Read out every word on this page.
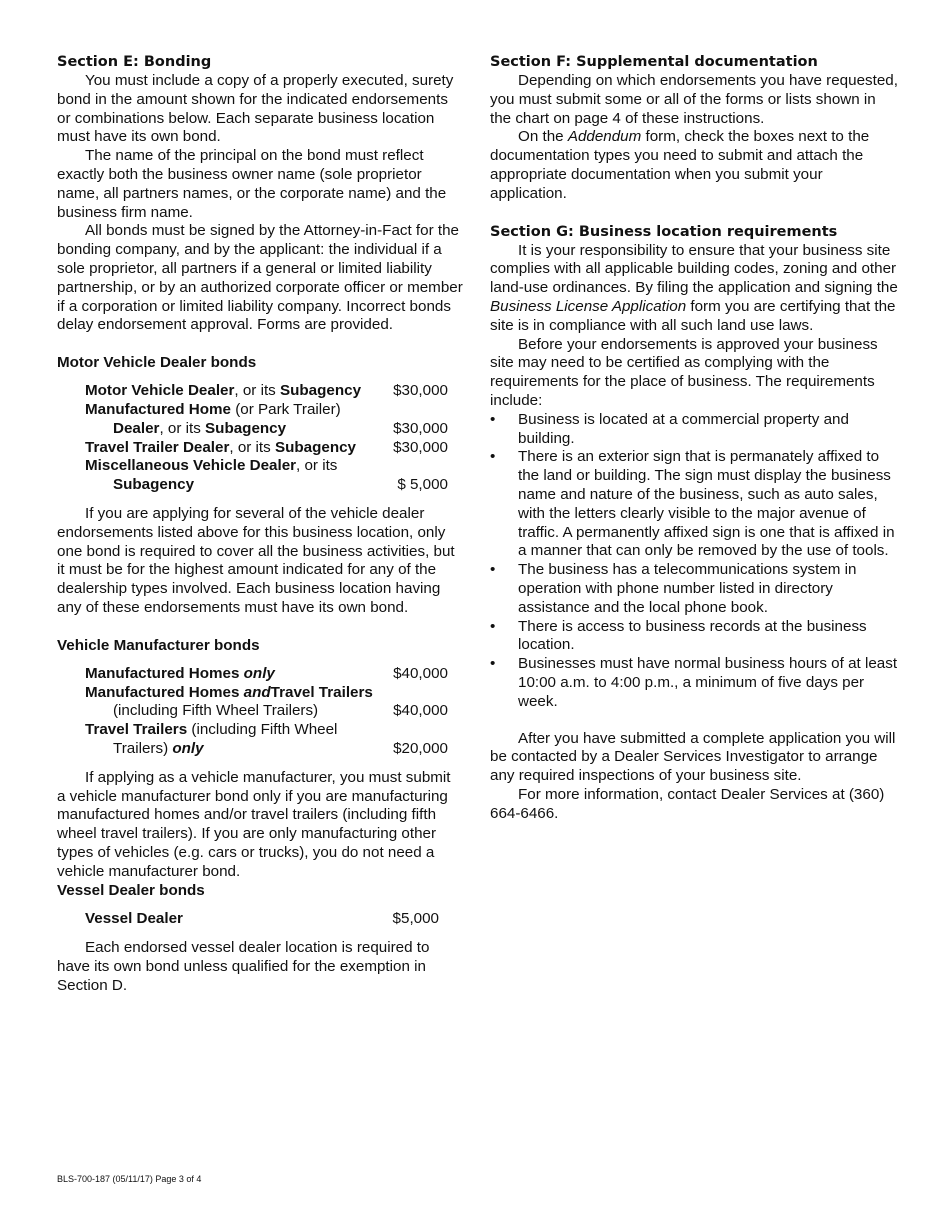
Section E: Bonding

You must include a copy of a properly executed, surety bond in the amount shown for the indicated endorsements or combinations below. Each separate business location must have its own bond.

The name of the principal on the bond must reflect exactly both the business owner name (sole proprietor name, all partners names, or the corporate name) and the business firm name.

All bonds must be signed by the Attorney-in-Fact for the bonding company, and by the applicant: the individual if a sole proprietor, all partners if a general or limited liability partnership, or by an authorized corporate officer or member if a corporation or limited liability company. Incorrect bonds delay endorsement approval. Forms are provided.

Motor Vehicle Dealer bonds
Motor Vehicle Dealer, or its Subagency	$30,000
Manufactured Home (or Park Trailer)	
Dealer, or its Subagency	$30,000
Travel Trailer Dealer, or its Subagency	$30,000
Miscellaneous Vehicle Dealer, or its	
Subagency	$ 5,000

If you are applying for several of the vehicle dealer endorsements listed above for this business location, only one bond is required to cover all the business activities, but it must be for the highest amount indicated for any of the dealership types involved. Each business location having any of these endorsements must have its own bond.

Vehicle Manufacturer bonds
Manufactured Homes only	$40,000
Manufactured Homes andTravel Trailers	
(including Fifth Wheel Trailers)	$40,000
Travel Trailers (including Fifth Wheel	
Trailers) only	$20,000

If applying as a vehicle manufacturer, you must submit a vehicle manufacturer bond only if you are manufacturing manufactured homes and/or travel trailers (including fifth wheel travel trailers). If you are only manufacturing other types of vehicles (e.g. cars or trucks), you do not need a vehicle manufacturer bond.

Vessel Dealer bonds
Vessel Dealer	$5,000

Each endorsed vessel dealer location is required to have its own bond unless qualified for the exemption in Section D.

Section F: Supplemental documentation

Depending on which endorsements you have requested, you must submit some or all of the forms or lists shown in the chart on page 4 of these instructions.

On the Addendum form, check the boxes next to the documentation types you need to submit and attach the appropriate documentation when you submit your application.

Section G: Business location requirements

It is your responsibility to ensure that your business site complies with all applicable building codes, zoning and other land-use ordinances. By filing the application and signing the Business License Application form you are certifying that the site is in compliance with all such land use laws.

Before your endorsements is approved your business site may need to be certified as complying with the requirements for the place of business. The requirements include:

• Business is located at a commercial property and building.
• There is an exterior sign that is permanately affixed to the land or building. The sign must display the business name and nature of the business, such as auto sales, with the letters clearly visible to the major avenue of traffic. A permanently affixed sign is one that is affixed in a manner that can only be removed by the use of tools.
• The business has a telecommunications system in operation with phone number listed in directory assistance and the local phone book.
• There is access to business records at the business location.
• Businesses must have normal business hours of at least 10:00 a.m. to 4:00 p.m., a minimum of five days per week.

After you have submitted a complete application you will be contacted by a Dealer Services Investigator to arrange any required inspections of your business site.

For more information, contact Dealer Services at (360) 664-6466.

BLS-700-187 (05/11/17) Page 3 of 4
